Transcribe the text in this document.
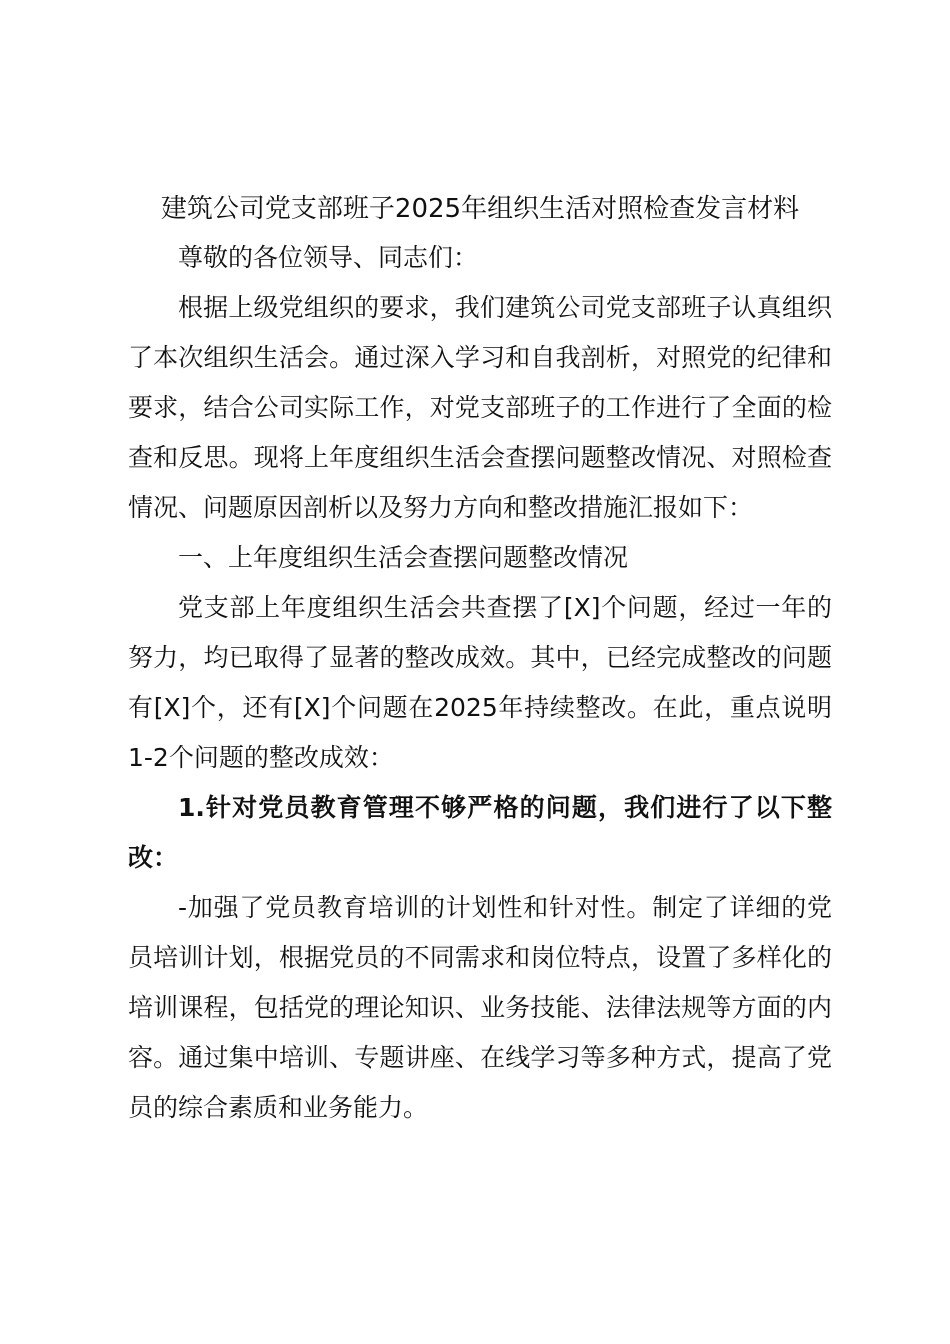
建筑公司党支部班子2025年组织生活对照检查发言材料

尊敬的各位领导、同志们：

根据上级党组织的要求，我们建筑公司党支部班子认真组织了本次组织生活会。通过深入学习和自我剖析，对照党的纪律和要求，结合公司实际工作，对党支部班子的工作进行了全面的检查和反思。现将上年度组织生活会查摆问题整改情况、对照检查情况、问题原因剖析以及努力方向和整改措施汇报如下：

一、上年度组织生活会查摆问题整改情况

党支部上年度组织生活会共查摆了[X]个问题，经过一年的努力，均已取得了显著的整改成效。其中，已经完成整改的问题有[X]个，还有[X]个问题在2025年持续整改。在此，重点说明1-2个问题的整改成效：

1.针对党员教育管理不够严格的问题，我们进行了以下整改：

-加强了党员教育培训的计划性和针对性。制定了详细的党员培训计划，根据党员的不同需求和岗位特点，设置了多样化的培训课程，包括党的理论知识、业务技能、法律法规等方面的内容。通过集中培训、专题讲座、在线学习等多种方式，提高了党员的综合素质和业务能力。
